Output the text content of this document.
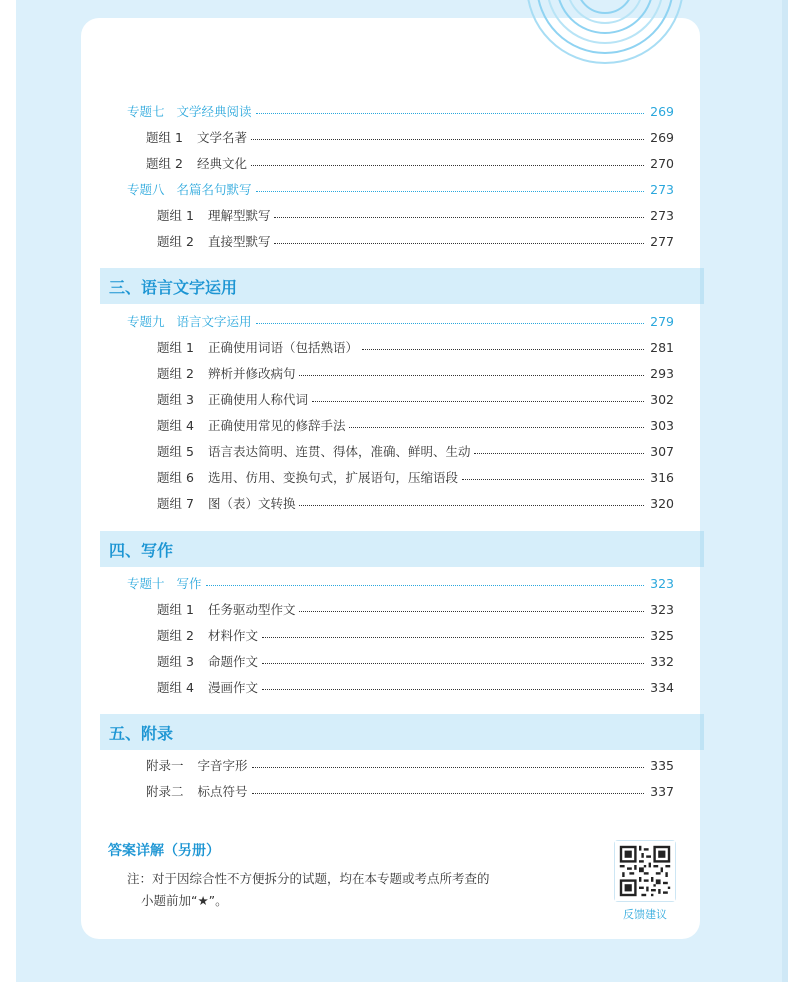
专题七 文学经典阅读	269
题组 1 文学名著	269
题组 2 经典文化	270
专题八 名篇名句默写	273
题组 1 理解型默写	273
题组 2 直接型默写	277
三、语言文字运用
专题九 语言文字运用	279
题组 1 正确使用词语（包括熟语）	281
题组 2 辨析并修改病句	293
题组 3 正确使用人称代词	302
题组 4 正确使用常见的修辞手法	303
题组 5 语言表达简明、连贯、得体，准确、鲜明、生动	307
题组 6 选用、仿用、变换句式，扩展语句，压缩语段	316
题组 7 图（表）文转换	320
四、写作
专题十 写作	323
题组 1 任务驱动型作文	323
题组 2 材料作文	325
题组 3 命题作文	332
题组 4 漫画作文	334
五、附录
附录一 字音字形	335
附录二 标点符号	337
答案详解（另册）
注：对于因综合性不方便拆分的试题，均在本专题或考点所考查的
小题前加“★”。
反馈建议
